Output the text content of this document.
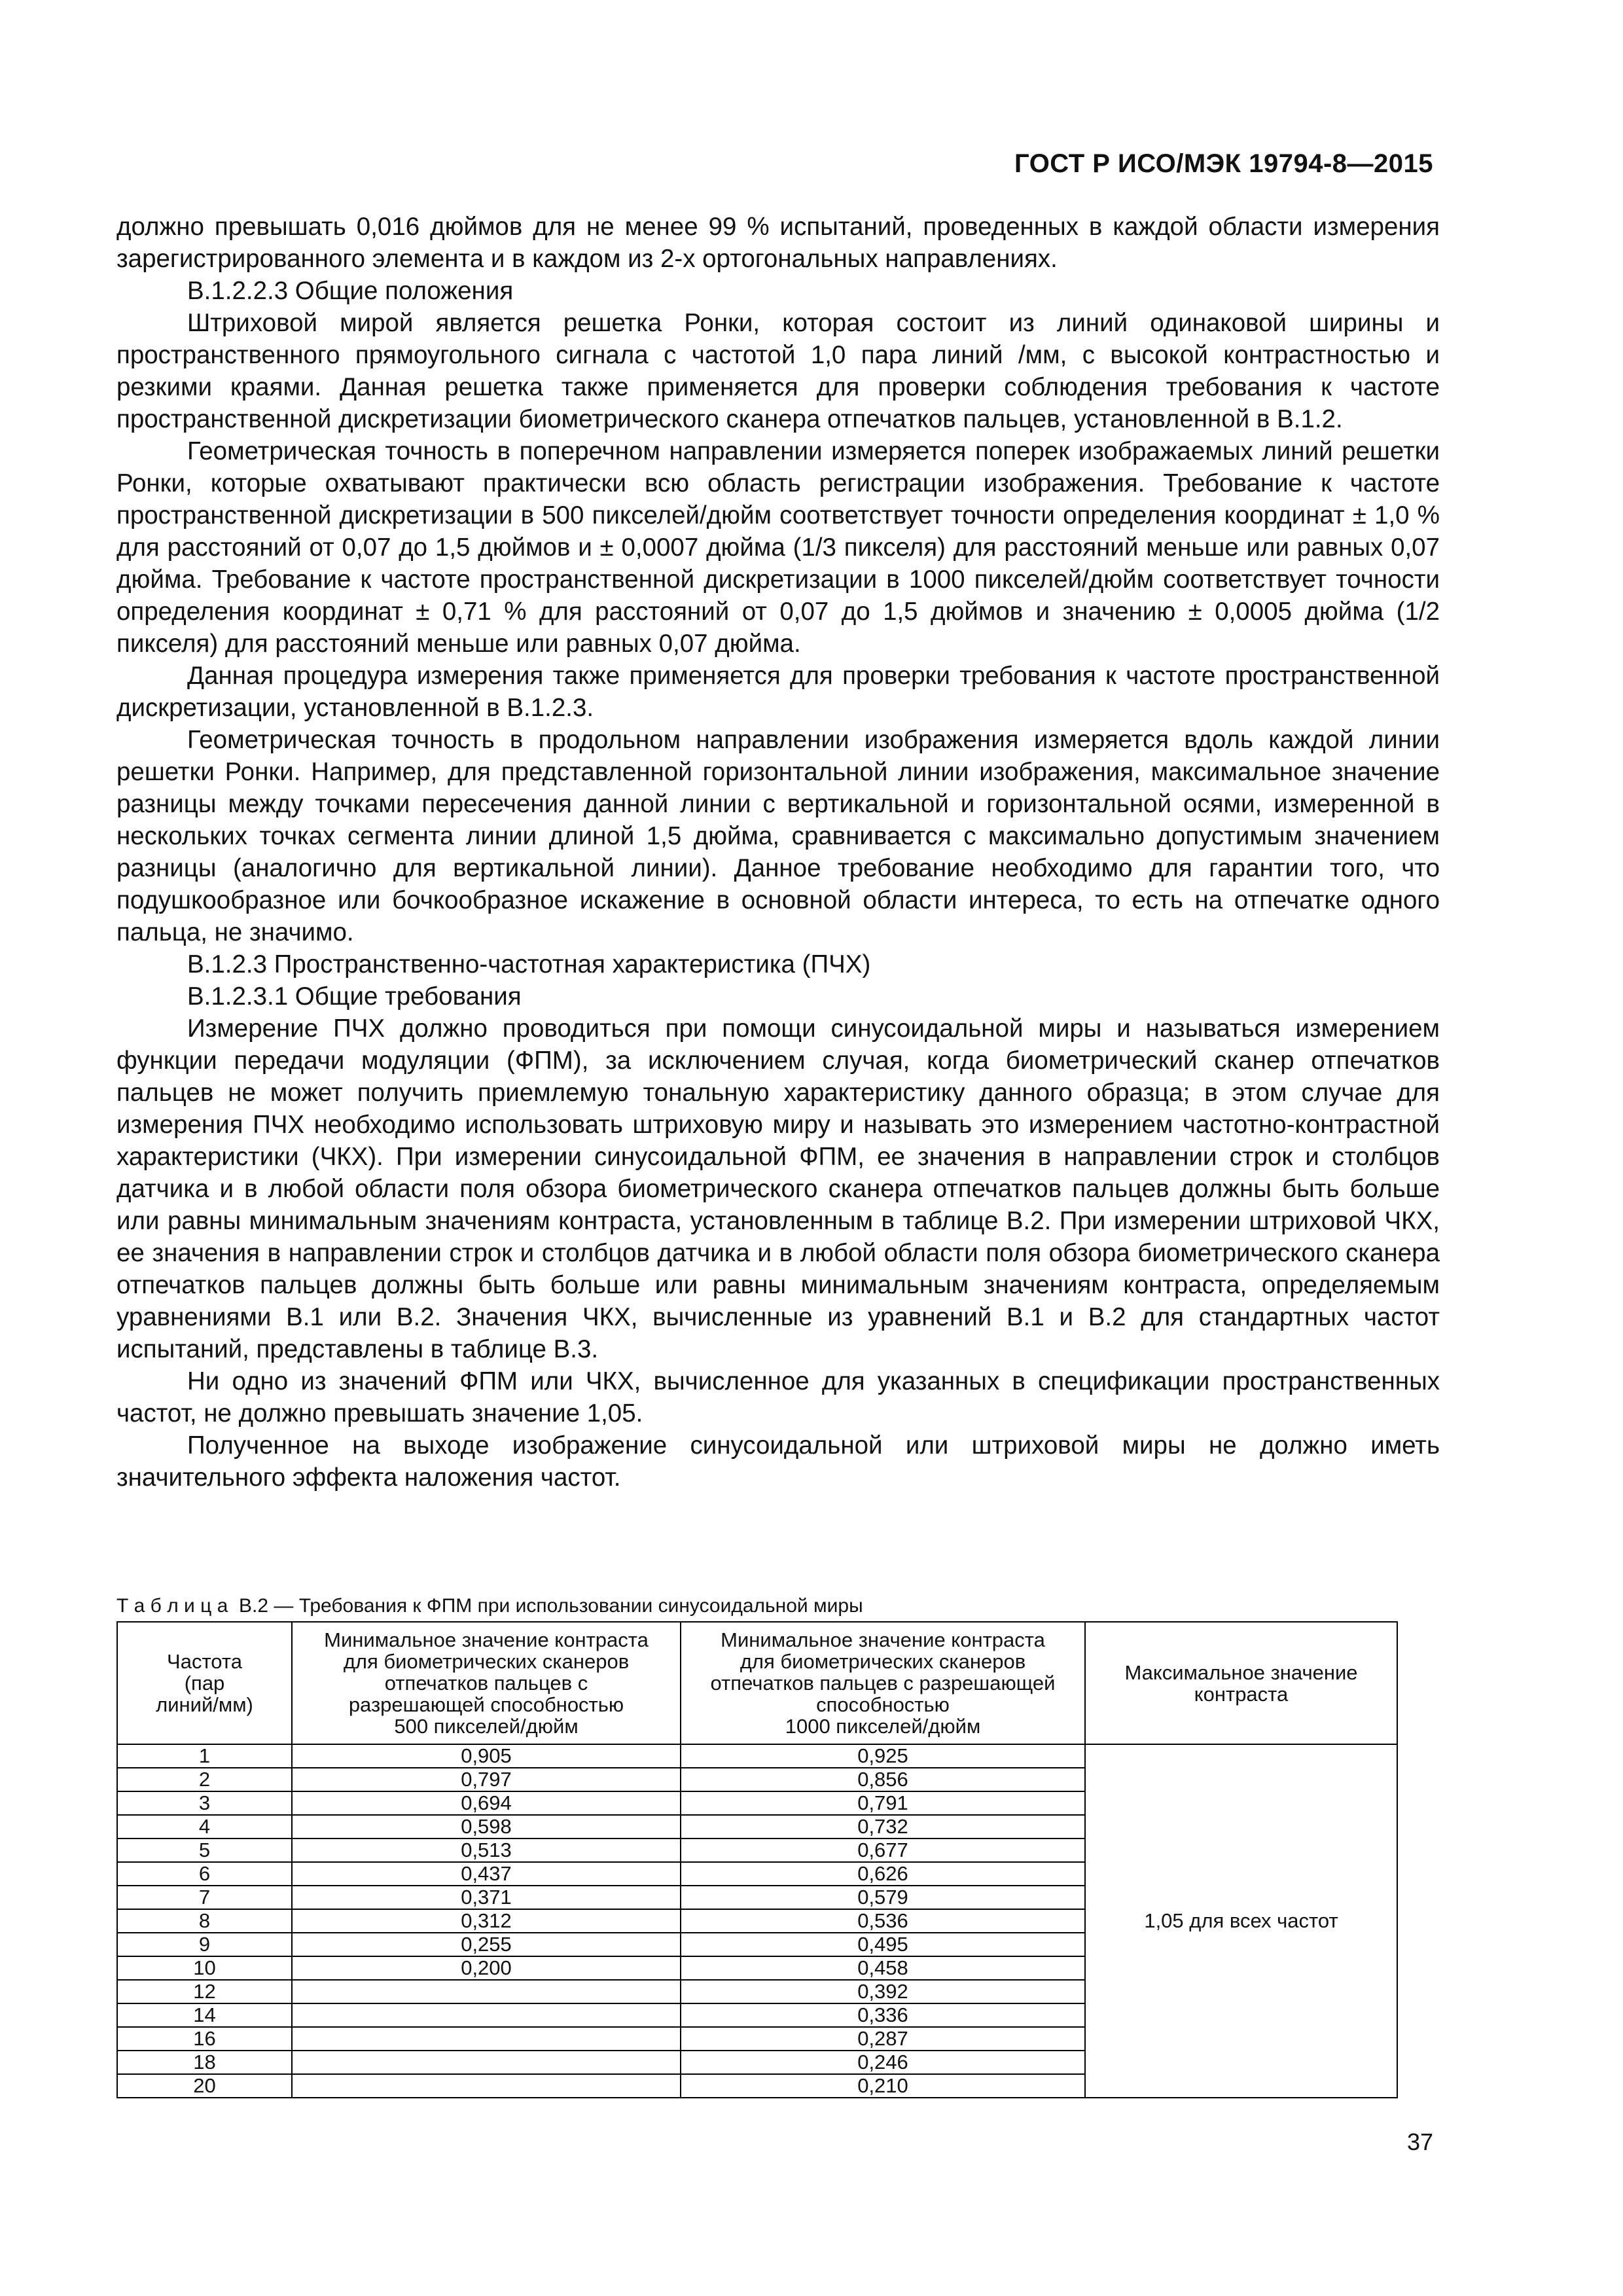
ГОСТ Р ИСО/МЭК 19794-8—2015

должно превышать 0,016 дюймов для не менее 99 % испытаний, проведенных в каждой области измерения зарегистрированного элемента и в каждом из 2-х ортогональных направлениях.

В.1.2.2.3 Общие положения

Штриховой мирой является решетка Ронки, которая состоит из линий одинаковой ширины и пространственного прямоугольного сигнала с частотой 1,0 пара линий /мм, с высокой контрастностью и резкими краями. Данная решетка также применяется для проверки соблюдения требования к частоте пространственной дискретизации биометрического сканера отпечатков пальцев, установленной в В.1.2.

Геометрическая точность в поперечном направлении измеряется поперек изображаемых линий решетки Ронки, которые охватывают практически всю область регистрации изображения. Требование к частоте пространственной дискретизации в 500 пикселей/дюйм соответствует точности определения координат ± 1,0 % для расстояний от 0,07 до 1,5 дюймов и ± 0,0007 дюйма (1/3 пикселя) для расстояний меньше или равных 0,07 дюйма. Требование к частоте пространственной дискретизации в 1000 пикселей/дюйм соответствует точности определения координат ± 0,71 % для расстояний от 0,07 до 1,5 дюймов и значению ± 0,0005 дюйма (1/2 пикселя) для расстояний меньше или равных 0,07 дюйма.

Данная процедура измерения также применяется для проверки требования к частоте пространственной дискретизации, установленной в В.1.2.3.

Геометрическая точность в продольном направлении изображения измеряется вдоль каждой линии решетки Ронки. Например, для представленной горизонтальной линии изображения, максимальное значение разницы между точками пересечения данной линии с вертикальной и горизонтальной осями, измеренной в нескольких точках сегмента линии длиной 1,5 дюйма, сравнивается с максимально допустимым значением разницы (аналогично для вертикальной линии). Данное требование необходимо для гарантии того, что подушкообразное или бочкообразное искажение в основной области интереса, то есть на отпечатке одного пальца, не значимо.

В.1.2.3 Пространственно-частотная характеристика (ПЧХ)

В.1.2.3.1 Общие требования

Измерение ПЧХ должно проводиться при помощи синусоидальной миры и называться измерением функции передачи модуляции (ФПМ), за исключением случая, когда биометрический сканер отпечатков пальцев не может получить приемлемую тональную характеристику данного образца; в этом случае для измерения ПЧХ необходимо использовать штриховую миру и называть это измерением частотно-контрастной характеристики (ЧКХ). При измерении синусоидальной ФПМ, ее значения в направлении строк и столбцов датчика и в любой области поля обзора биометрического сканера отпечатков пальцев должны быть больше или равны минимальным значениям контраста, установленным в таблице В.2. При измерении штриховой ЧКХ, ее значения в направлении строк и столбцов датчика и в любой области поля обзора биометрического сканера отпечатков пальцев должны быть больше или равны минимальным значениям контраста, определяемым уравнениями В.1 или В.2. Значения ЧКХ, вычисленные из уравнений В.1 и В.2 для стандартных частот испытаний, представлены в таблице В.3.

Ни одно из значений ФПМ или ЧКХ, вычисленное для указанных в спецификации пространственных частот, не должно превышать значение 1,05.

Полученное на выходе изображение синусоидальной или штриховой миры не должно иметь значительного эффекта наложения частот.

Т а б л и ц а  В.2 — Требования к ФПМ при использовании синусоидальной миры
Частота
(пар
линий/мм)	Минимальное значение контраста
для биометрических сканеров
отпечатков пальцев с
разрешающей способностью
500 пикселей/дюйм	Минимальное значение контраста
для биометрических сканеров
отпечатков пальцев с разрешающей
способностью
1000 пикселей/дюйм	Максимальное значение
контраста

1	0,905	0,925	1,05 для всех частот
2	0,797	0,856	
3	0,694	0,791	
4	0,598	0,732	
5	0,513	0,677	
6	0,437	0,626	
7	0,371	0,579	
8	0,312	0,536	
9	0,255	0,495	
10	0,200	0,458	
12		0,392	
14		0,336	
16		0,287	
18		0,246	
20		0,210	
37
